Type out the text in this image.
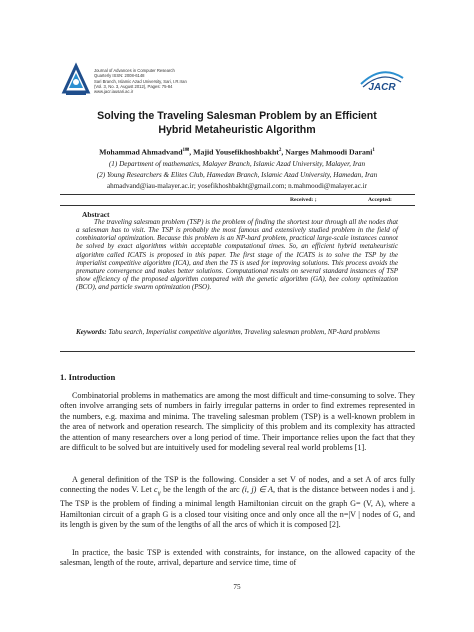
Journal of Advances in Computer Research
Quarterly ISSN: 2008-6148
Sari Branch, Islamic Azad University, Sari, I.R.Iran
(Vol. 3, No. 3, August 2012), Pages: 75-84
www.jacr.iausari.ac.ir	JACR
Solving the Traveling Salesman Problem by an Efficient
Hybrid Metaheuristic Algorithm
Mohammad Ahmadvand$^{1✉}$, Majid Yousefikhoshbakht$^2$, Narges Mahmoodi Darani$^1$
(1) Department of mathematics, Malayer Branch, Islamic Azad University, Malayer, Iran
(2) Young Researchers & Elites Club, Hamedan Branch, Islamic Azad University, Hamedan, Iran
ahmadvand@iau-malayer.ac.ir; yosefikhoshbakht@gmail.com; n.mahmoodi@malayer.ac.ir
Received: ;	Accepted:
Abstract
The traveling salesman problem (TSP) is the problem of finding the shortest tour through all the nodes that a salesman has to visit. The TSP is probably the most famous and extensively studied problem in the field of combinatorial optimization. Because this problem is an NP-hard problem, practical large-scale instances cannot be solved by exact algorithms within acceptable computational times. So, an efficient hybrid metaheuristic algorithm called ICATS is proposed in this paper. The first stage of the ICATS is to solve the TSP by the imperialist competitive algorithm (ICA), and then the TS is used for improving solutions. This process avoids the premature convergence and makes better solutions. Computational results on several standard instances of TSP show efficiency of the proposed algorithm compared with the genetic algorithm (GA), bee colony optimization (BCO), and particle swarm optimization (PSO).
Keywords: Tabu search, Imperialist competitive algorithm, Traveling salesman problem, NP-hard problems
1. Introduction
Combinatorial problems in mathematics are among the most difficult and time-consuming to solve. They often involve arranging sets of numbers in fairly irregular patterns in order to find extremes represented in the numbers, e.g. maxima and minima. The traveling salesman problem (TSP) is a well-known problem in the area of network and operation research. The simplicity of this problem and its complexity has attracted the attention of many researchers over a long period of time. Their importance relies upon the fact that they are difficult to be solved but are intuitively used for modeling several real world problems [1].
A general definition of the TSP is the following. Consider a set V of nodes, and a set A of arcs fully connecting the nodes V. Let $c_{ij}$ be the length of the arc (i, j) ∈ A, that is the distance between nodes i and j. The TSP is the problem of finding a minimal length Hamiltonian circuit on the graph G= (V, A), where a Hamiltonian circuit of a graph G is a closed tour visiting once and only once all the n=|V | nodes of G, and its length is given by the sum of the lengths of all the arcs of which it is composed [2].
In practice, the basic TSP is extended with constraints, for instance, on the allowed capacity of the salesman, length of the route, arrival, departure and service time, time of
75
